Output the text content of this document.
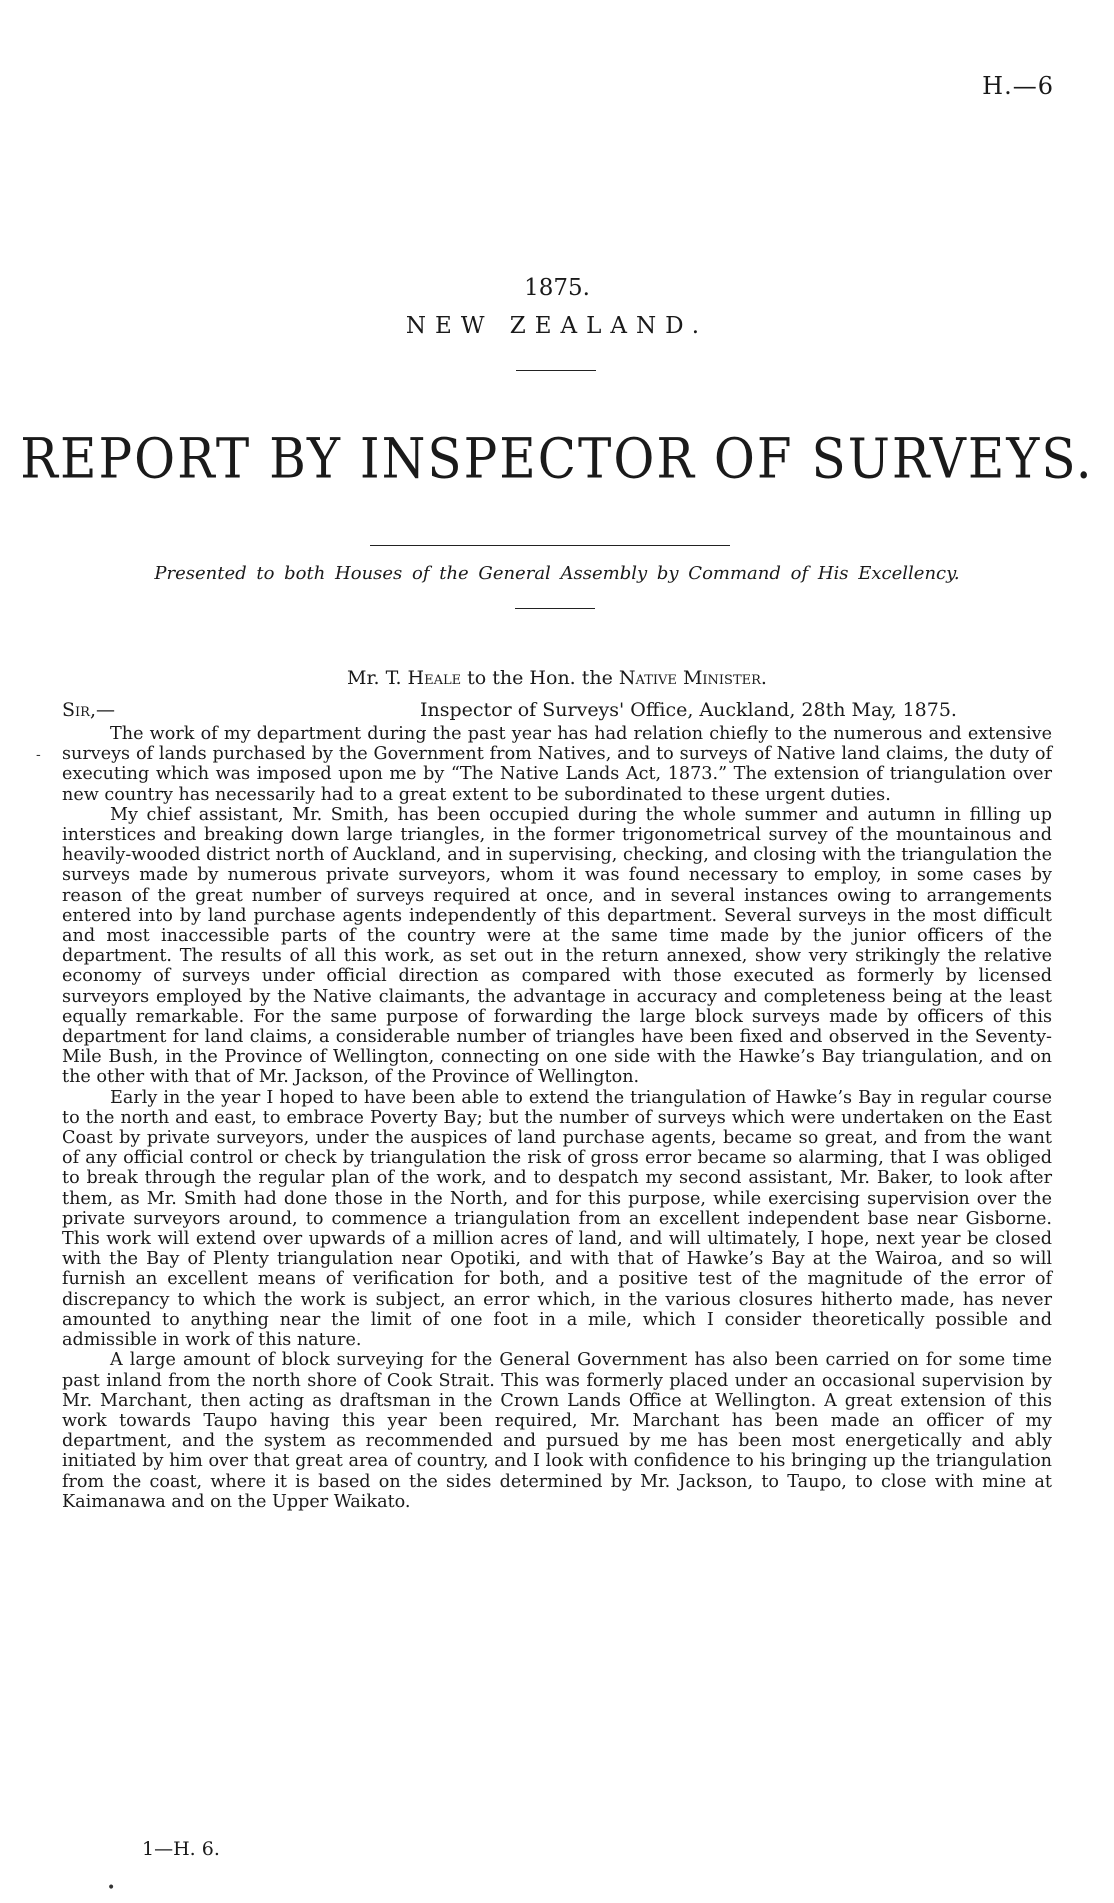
H.—6
1875.
NEW ZEALAND.
REPORT BY INSPECTOR OF SURVEYS.
Presented to both Houses of the General Assembly by Command of His Excellency.
Mr. T. Heale to the Hon. the Native Minister.
Sir,—	Inspector of Surveys' Office, Auckland, 28th May, 1875.

The work of my department during the past year has had relation chiefly to the numerous and extensive surveys of lands purchased by the Government from Natives, and to surveys of Native land claims, the duty of executing which was imposed upon me by “The Native Lands Act, 1873.” The extension of triangulation over new country has necessarily had to a great extent to be subordinated to these urgent duties.

My chief assistant, Mr. Smith, has been occupied during the whole summer and autumn in filling up interstices and breaking down large triangles, in the former trigonometrical survey of the mountainous and heavily-wooded district north of Auckland, and in supervising, checking, and closing with the triangulation the surveys made by numerous private surveyors, whom it was found necessary to employ, in some cases by reason of the great number of surveys required at once, and in several instances owing to arrangements entered into by land purchase agents independently of this department. Several surveys in the most difficult and most inaccessible parts of the country were at the same time made by the junior officers of the department. The results of all this work, as set out in the return annexed, show very strikingly the relative economy of surveys under official direction as compared with those executed as formerly by licensed surveyors employed by the Native claimants, the advantage in accuracy and completeness being at the least equally remarkable. For the same purpose of forwarding the large block surveys made by officers of this department for land claims, a considerable number of triangles have been fixed and observed in the Seventy-Mile Bush, in the Province of Wellington, connecting on one side with the Hawke’s Bay triangulation, and on the other with that of Mr. Jackson, of the Province of Wellington.

Early in the year I hoped to have been able to extend the triangulation of Hawke’s Bay in regular course to the north and east, to embrace Poverty Bay; but the number of surveys which were undertaken on the East Coast by private surveyors, under the auspices of land purchase agents, became so great, and from the want of any official control or check by triangulation the risk of gross error became so alarming, that I was obliged to break through the regular plan of the work, and to despatch my second assistant, Mr. Baker, to look after them, as Mr. Smith had done those in the North, and for this purpose, while exercising supervision over the private surveyors around, to commence a triangulation from an excellent independent base near Gisborne. This work will extend over upwards of a million acres of land, and will ultimately, I hope, next year be closed with the Bay of Plenty triangulation near Opotiki, and with that of Hawke’s Bay at the Wairoa, and so will furnish an excellent means of verification for both, and a positive test of the magnitude of the error of discrepancy to which the work is subject, an error which, in the various closures hitherto made, has never amounted to anything near the limit of one foot in a mile, which I consider theoretically possible and admissible in work of this nature.

A large amount of block surveying for the General Government has also been carried on for some time past inland from the north shore of Cook Strait. This was formerly placed under an occasional supervision by Mr. Marchant, then acting as draftsman in the Crown Lands Office at Wellington. A great extension of this work towards Taupo having this year been required, Mr. Marchant has been made an officer of my department, and the system as recommended and pursued by me has been most energetically and ably initiated by him over that great area of country, and I look with confidence to his bringing up the triangulation from the coast, where it is based on the sides determined by Mr. Jackson, to Taupo, to close with mine at Kaimanawa and on the Upper Waikato.

1—H. 6.
-
•
